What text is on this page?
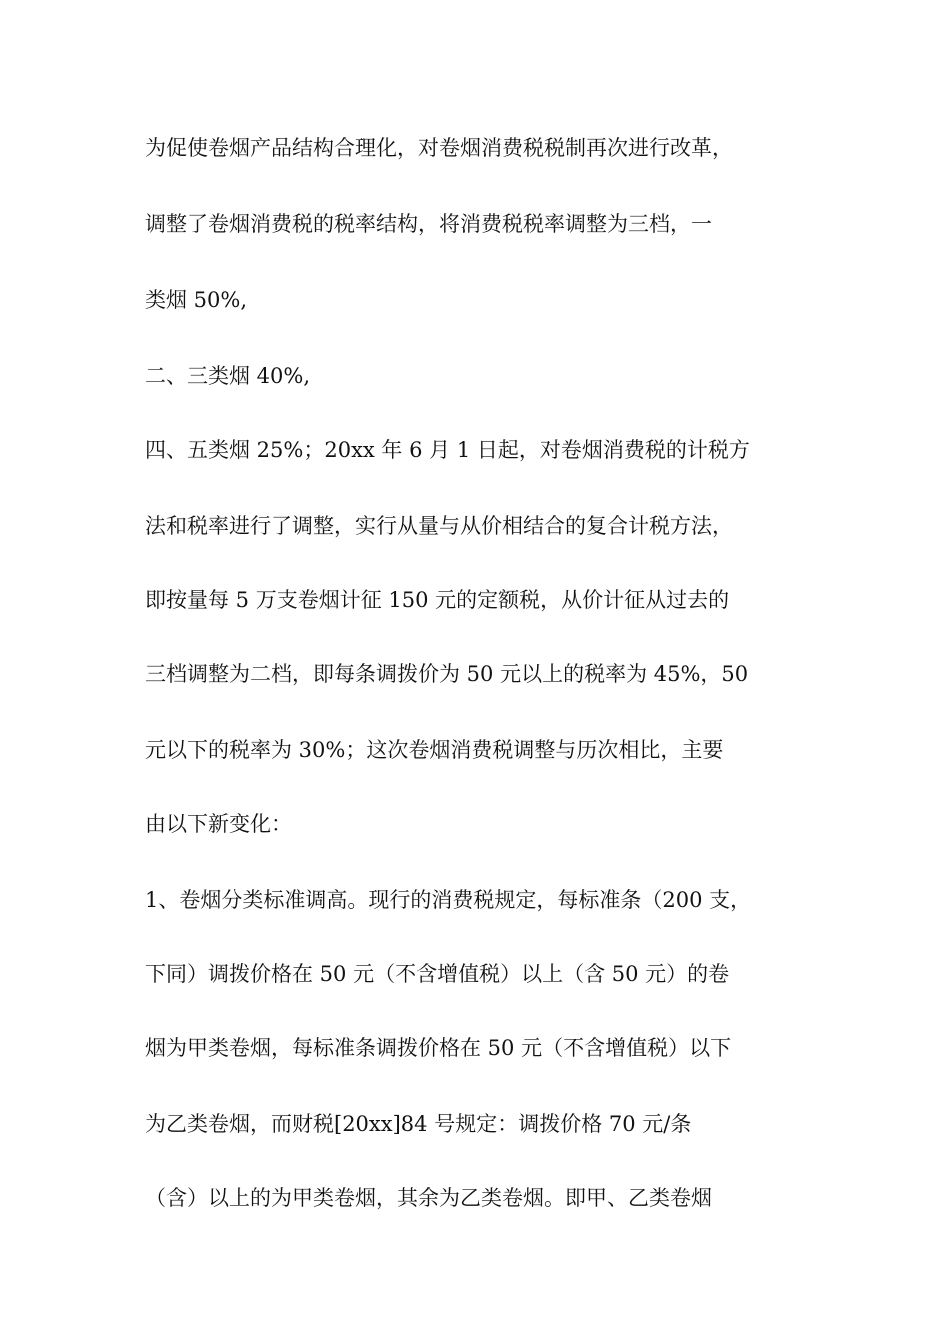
为促使卷烟产品结构合理化，对卷烟消费税税制再次进行改革，
调整了卷烟消费税的税率结构，将消费税税率调整为三档，一
类烟 50%,
二、三类烟 40%,
四、五类烟 25%；20xx 年 6 月 1 日起，对卷烟消费税的计税方
法和税率进行了调整，实行从量与从价相结合的复合计税方法，
即按量每 5 万支卷烟计征 150 元的定额税，从价计征从过去的
三档调整为二档，即每条调拨价为 50 元以上的税率为 45%，50
元以下的税率为 30%；这次卷烟消费税调整与历次相比，主要
由以下新变化：
1、卷烟分类标准调高。现行的消费税规定，每标准条（200 支，
下同）调拨价格在 50 元（不含增值税）以上（含 50 元）的卷
烟为甲类卷烟，每标准条调拨价格在 50 元（不含增值税）以下
为乙类卷烟，而财税[20xx]84 号规定：调拨价格 70 元/条
（含）以上的为甲类卷烟，其余为乙类卷烟。即甲、乙类卷烟
